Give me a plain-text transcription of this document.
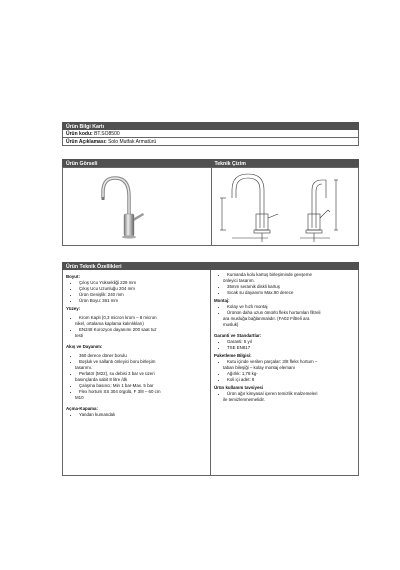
Ürün Bilgi Kartı
Ürün kodu: BT.SO8500
Ürün Açıklaması: Solo Mutfak Armatürü
Ürün Görseli	Teknik Çizim
Ürün Teknik Özellikleri
Boyut:
• Çıkış Ucu Yüksekliği 229 mm
• Çıkış Ucu Uzunluğu 204 mm
• Ürün Genişlik: 240 mm
• Ürün Boyu: 361 mm
Yüzey:
• Krom Kaplı (0,3 micron krom – 8 micron
nikel, ortalama kaplama kalınlıkları)
• EN248 Korozyon dayanımı 200 saat tuz
testi
Akış ve Dayanım:
• 360 derece döner borulu
• Boşluk ve sallantı önleyici boru birleşim
tasarımı.
• Perlatör (M22), su debisi 3 bar ve üzeri
basınçlarda sabit 8 litre /dk
• Çalışma basıncı: Min 1 bar-Max. 5 bar
• Flex hortum SS 304 örgülü, F 3/8 – 60 cm
M10
Açma-Kapama:
• Yandan kumandalı
• Kumanda kolu kartuş birleşiminde gevşeme
önleyici tasarım.
• 35mm seramik diskli kartuş
• Sıcak su dayanımı Max.90 derece
Montaj:
• Kolay ve hızlı montaj
• Ürünün daha uzun ömürlü fleks hortumları filtreli
ara musluğa bağlanmalıdır. (FA02 Filtreli ara
musluk)
Garanti ve Standartlar:
• Garanti: 5 yıl
• TSE EN817
Paketleme Bilgisi:
• Kutu içinde verilen parçalar: 3/8 fleks hortum –
taban bileşiği – kolay montaj elemanı
• Ağırlık: 1,78 kg-
• Koli içi adet: 8
Ürün kullanım tavsiyesi
• Ürün ağır kimyasal içeren temizlik malzemeleri
ile temizlenmemelidir.
